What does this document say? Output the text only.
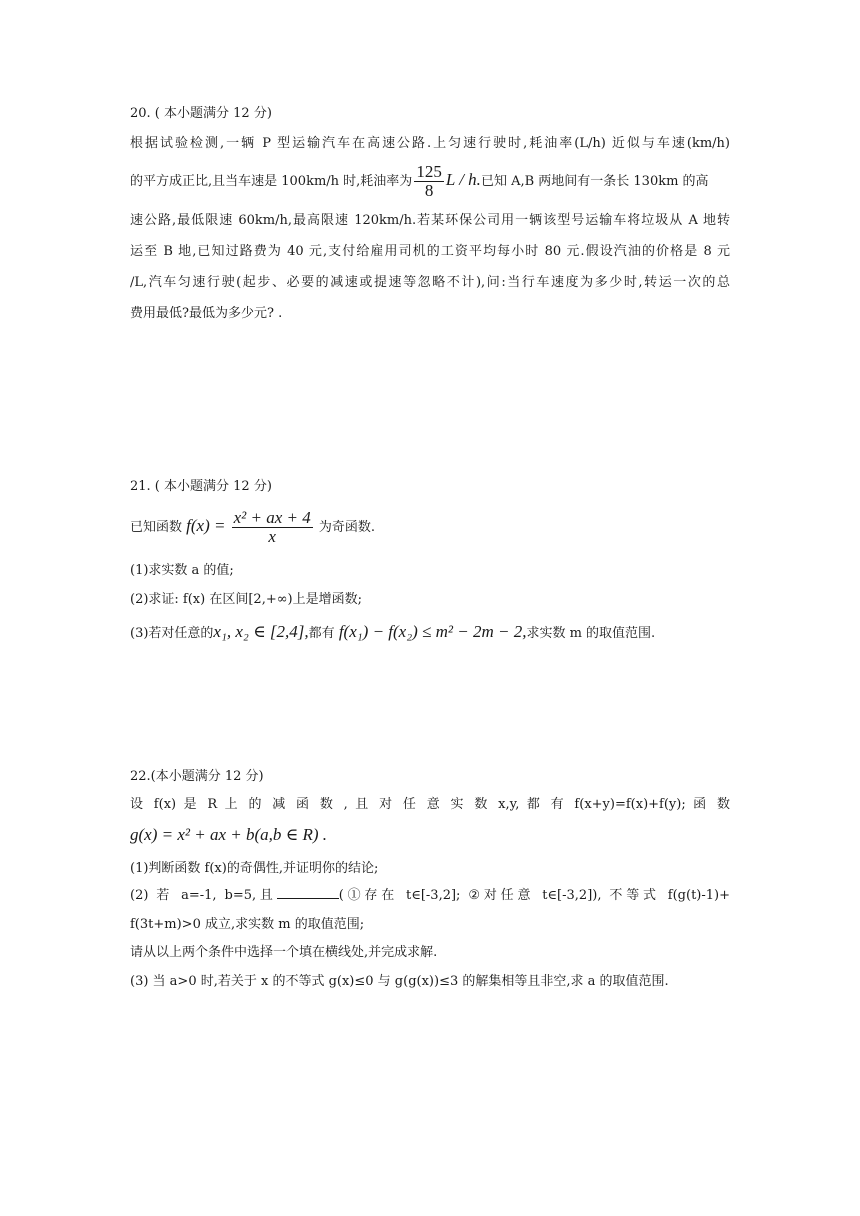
20. ( 本小题满分 12 分)
根据试验检测,一辆 P 型运输汽车在高速公路.上匀速行驶时,耗油率(L/h) 近似与车速(km/h)
的平方成正比,且当车速是 100km/h 时,耗油率为 $\frac{125}{8}$ L / h.已知 A,B 两地间有一条长 130km 的高
速公路,最低限速 60km/h,最高限速 120km/h.若某环保公司用一辆该型号运输车将垃圾从 A 地转
运至 B 地,已知过路费为 40 元,支付给雇用司机的工资平均每小时 80 元.假设汽油的价格是 8 元
/L,汽车匀速行驶(起步、必要的减速或提速等忽略不计),问:当行车速度为多少时,转运一次的总
费用最低?最低为多少元? .
21. ( 本小题满分 12 分)
已知函数 $f(x) = \frac{\text{x² + ax + 4}}{x}$ 为奇函数.
(1)求实数 a 的值;
(2)求证: f(x) 在区间[2,+∞)上是增函数;
(3)若对任意的x₁, x₂ ∈ [2,4],都有 f(x₁) − f(x₂) ≤ m² − 2m − 2,求实数 m 的取值范围.
22.(本小题满分 12 分)
设 f(x) 是 R 上 的 减 函 数 , 且 对 任 意 实 数 x,y, 都 有 f(x+y)=f(x)+f(y); 函 数
g(x) = x² + ax + b(a,b ∈ R) .
(1)判断函数 f(x)的奇偶性,并证明你的结论;
(2) 若 a=-1, b=5,且	(①存在 t∈[-3,2]; ②对任意 t∈[-3,2]), 不等式 f(g(t)-1)+
f(3t+m)>0 成立,求实数 m 的取值范围;
请从以上两个条件中选择一个填在横线处,并完成求解.
(3) 当 a>0 时,若关于 x 的不等式 g(x)≤0 与 g(g(x))≤3 的解集相等且非空,求 a 的取值范围.
